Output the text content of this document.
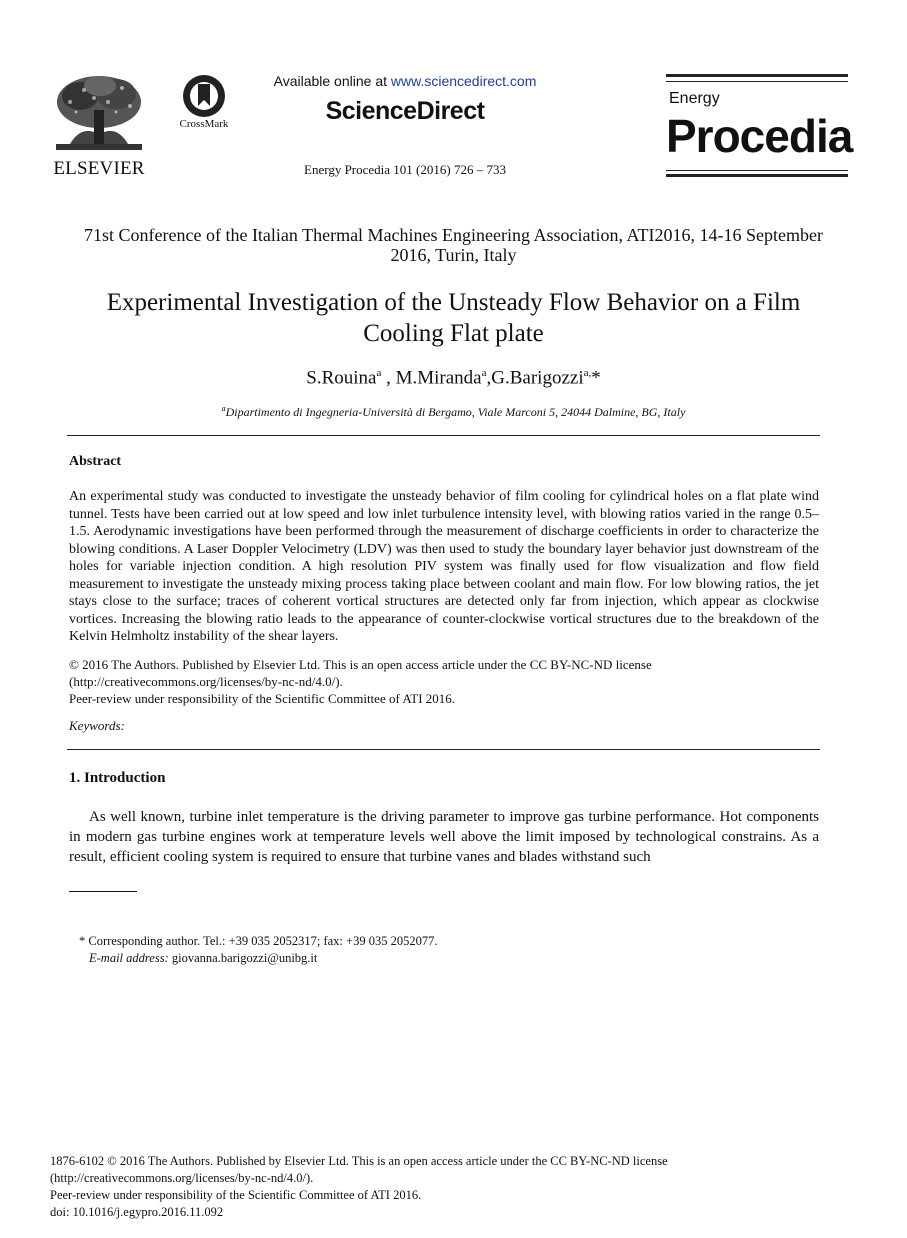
ELSEVIER
CrossMark
Available online at www.sciencedirect.com
ScienceDirect
Energy Procedia 101 (2016) 726 – 733
Energy
Procedia
71st Conference of the Italian Thermal Machines Engineering Association, ATI2016, 14-16 September 2016, Turin, Italy
Experimental Investigation of the Unsteady Flow Behavior on a Film Cooling Flat plate
S.Rouina$^a$ , M.Miranda$^a$,G.Barigozzi$^{a,}$*
$^a$Dipartimento di Ingegneria-Università di Bergamo, Viale Marconi 5, 24044 Dalmine, BG, Italy
Abstract
An experimental study was conducted to investigate the unsteady behavior of film cooling for cylindrical holes on a flat plate wind tunnel. Tests have been carried out at low speed and low inlet turbulence intensity level, with blowing ratios varied in the range 0.5–1.5. Aerodynamic investigations have been performed through the measurement of discharge coefficients in order to characterize the blowing conditions. A Laser Doppler Velocimetry (LDV) was then used to study the boundary layer behavior just downstream of the holes for variable injection condition. A high resolution PIV system was finally used for flow visualization and flow field measurement to investigate the unsteady mixing process taking place between coolant and main flow. For low blowing ratios, the jet stays close to the surface; traces of coherent vortical structures are detected only far from injection, which appear as clockwise vortices. Increasing the blowing ratio leads to the appearance of counter-clockwise vortical structures due to the breakdown of the Kelvin Helmholtz instability of the shear layers.
© 2016 The Authors. Published by Elsevier Ltd. This is an open access article under the CC BY-NC-ND license
(http://creativecommons.org/licenses/by-nc-nd/4.0/).
Peer-review under responsibility of the Scientific Committee of ATI 2016.
Keywords:
1. Introduction
As well known, turbine inlet temperature is the driving parameter to improve gas turbine performance. Hot components in modern gas turbine engines work at temperature levels well above the limit imposed by technological constrains. As a result, efficient cooling system is required to ensure that turbine vanes and blades withstand such
* Corresponding author. Tel.: +39 035 2052317; fax: +39 035 2052077.
E-mail address: giovanna.barigozzi@unibg.it
1876-6102 © 2016 The Authors. Published by Elsevier Ltd. This is an open access article under the CC BY-NC-ND license
(http://creativecommons.org/licenses/by-nc-nd/4.0/).
Peer-review under responsibility of the Scientific Committee of ATI 2016.
doi: 10.1016/j.egypro.2016.11.092
